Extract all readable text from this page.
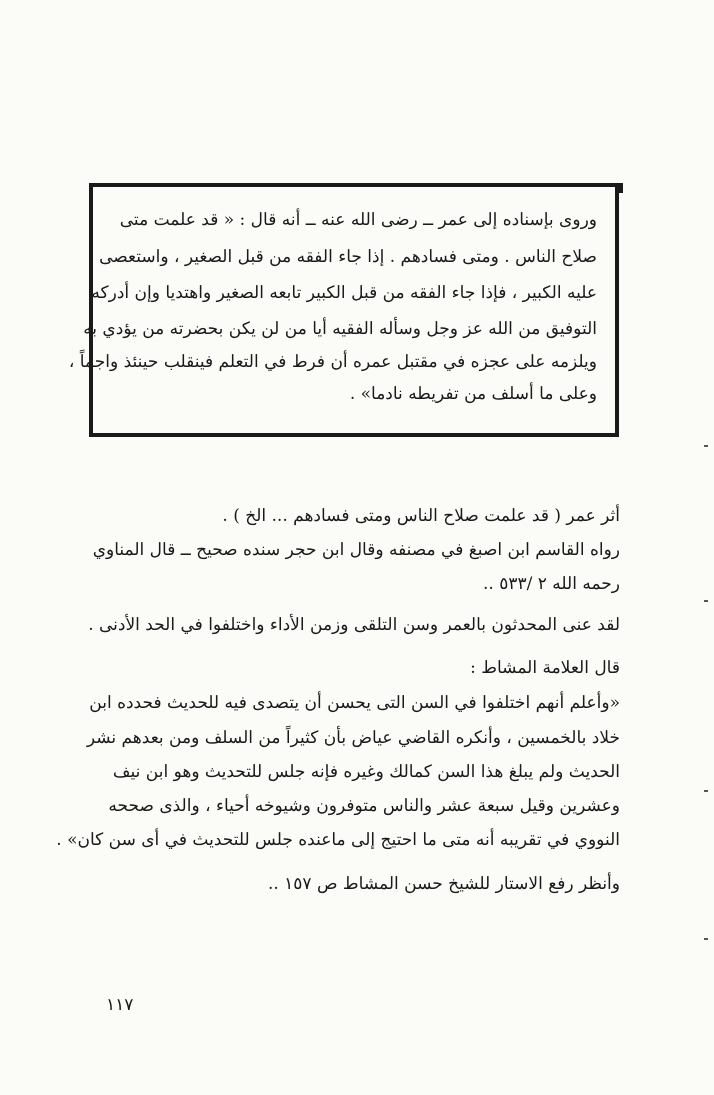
وروى بإسناده إلى عمر ــ رضى الله عنه ــ أنه قال : « قد علمت متى
صلاح الناس . ومتى فسادهم . إذا جاء الفقه من قبل الصغير ، واستعصى
عليه الكبير ، فإذا جاء الفقه من قبل الكبير تابعه الصغير واهتديا وإن أدركه
التوفيق من الله عز وجل وسأله الفقيه أيا من لن يكن بحضرته من يؤدي به
ويلزمه على عجزه في مقتبل عمره أن فرط في التعلم فينقلب حينئذ واجماً ،
وعلى ما أسلف من تفريطه نادما» .
أثر عمر ( قد علمت صلاح الناس ومتى فسادهم ... الخ ) .
رواه القاسم ابن اصبغ في مصنفه وقال ابن حجر سنده صحيح ــ قال المناوي
رحمه الله ٢ /٥٣٣ ..
لقد عنى المحدثون بالعمر وسن التلقى وزمن الأداء واختلفوا في الحد الأدنى .
قال العلامة المشاط :
«وأعلم أنهم اختلفوا في السن التى يحسن أن يتصدى فيه للحديث فحدده ابن
خلاد بالخمسين ، وأنكره القاضي عياض بأن كثيراً من السلف ومن بعدهم نشر
الحديث ولم يبلغ هذا السن كمالك وغيره فإنه جلس للتحديث وهو ابن نيف
وعشرين وقيل سبعة عشر والناس متوفرون وشيوخه أحياء ، والذى صححه
النووي في تقريبه أنه متى ما احتيج إلى ماعنده جلس للتحديث في أى سن كان» .
وأنظر رفع الاستار للشيخ حسن المشاط ص ١٥٧ ..
١١٧
